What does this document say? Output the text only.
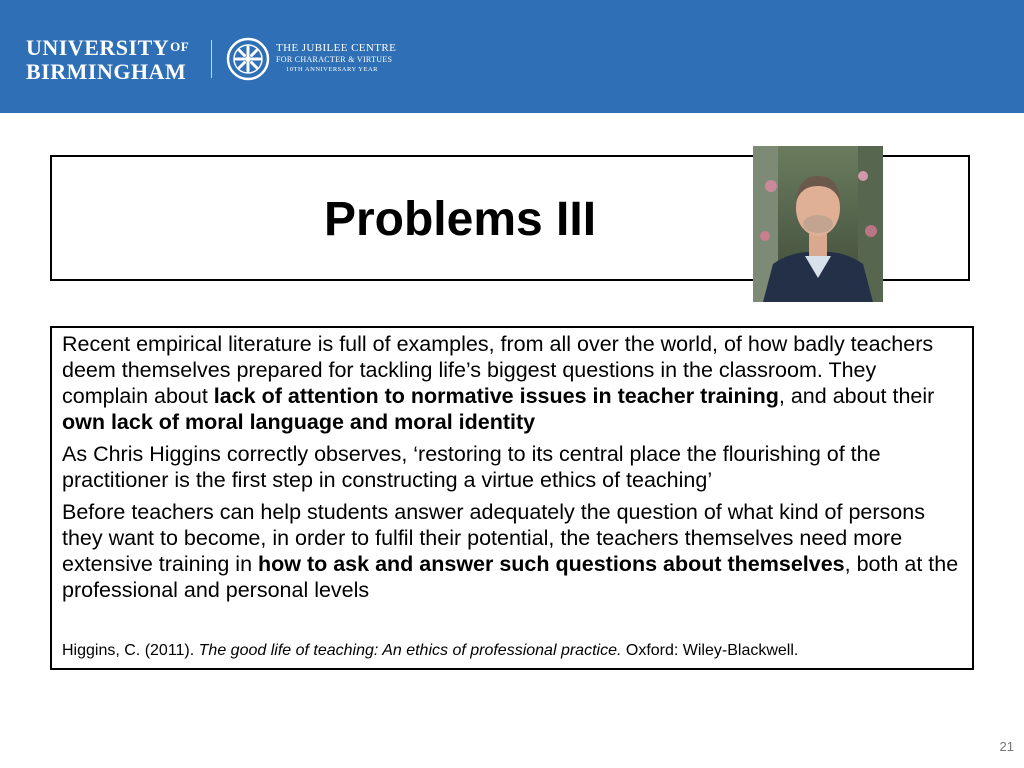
$UNIVERSITY^{OF}$
BIRMINGHAM
THE JUBILEE CENTRE
FOR CHARACTER & VIRTUES
10TH ANNIVERSARY YEAR
Problems III

Recent empirical literature is full of examples, from all over the world, of how badly teachers deem themselves prepared for tackling life’s biggest questions in the classroom. They complain about lack of attention to normative issues in teacher training, and about their own lack of moral language and moral identity

As Chris Higgins correctly observes, ‘restoring to its central place the flourishing of the practitioner is the first step in constructing a virtue ethics of teaching’

Before teachers can help students answer adequately the question of what kind of persons they want to become, in order to fulfil their potential, the teachers themselves need more extensive training in how to ask and answer such questions about themselves, both at the professional and personal levels

Higgins, C. (2011). The good life of teaching: An ethics of professional practice. Oxford: Wiley-Blackwell.
21
